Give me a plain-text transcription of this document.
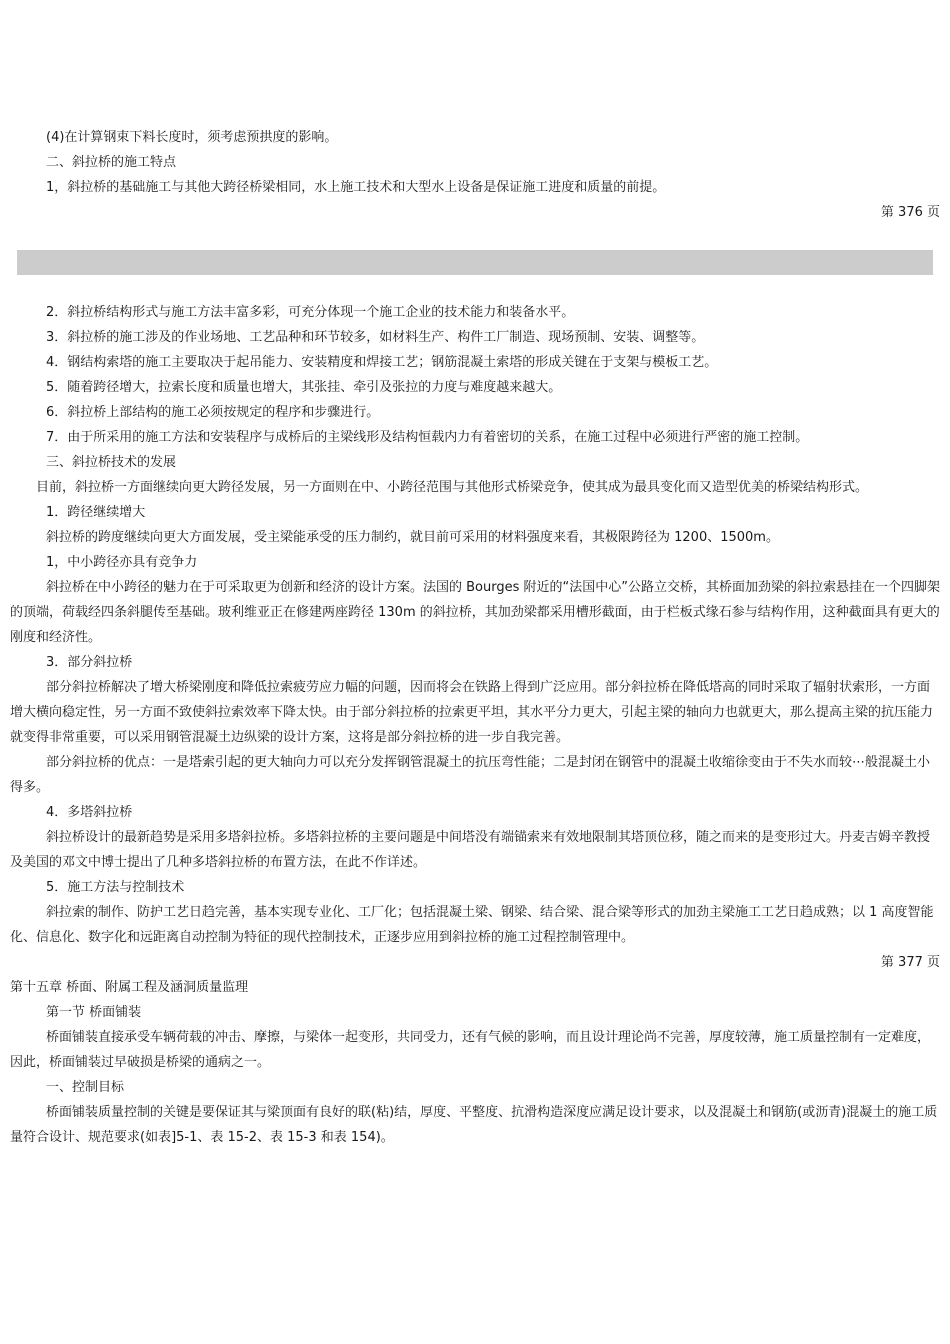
(4)在计算钢束下料长度时，须考虑预拱度的影响。

二、斜拉桥的施工特点

1，斜拉桥的基础施工与其他大跨径桥梁相同，水上施工技术和大型水上设备是保证施工进度和质量的前提。

第 376 页

2．斜拉桥结构形式与施工方法丰富多彩，可充分体现一个施工企业的技术能力和装备水平。

3．斜拉桥的施工涉及的作业场地、工艺品种和环节较多，如材料生产、构件工厂制造、现场预制、安装、调整等。

4．钢结构索塔的施工主要取决于起吊能力、安装精度和焊接工艺；钢筋混凝土索塔的形成关键在于支架与模板工艺。

5．随着跨径增大，拉索长度和质量也增大，其张挂、牵引及张拉的力度与难度越来越大。

6．斜拉桥上部结构的施工必须按规定的程序和步骤进行。

7．由于所采用的施工方法和安装程序与成桥后的主梁线形及结构恒载内力有着密切的关系，在施工过程中必须进行严密的施工控制。

三、斜拉桥技术的发展

目前，斜拉桥一方面继续向更大跨径发展，另一方面则在中、小跨径范围与其他形式桥梁竞争，使其成为最具变化而又造型优美的桥梁结构形式。

1．跨径继续增大

斜拉桥的跨度继续向更大方面发展，受主梁能承受的压力制约，就目前可采用的材料强度来看，其极限跨径为 1200、1500m。

1，中小跨径亦具有竞争力

斜拉桥在中小跨径的魅力在于可采取更为创新和经济的设计方案。法国的 Bourges 附近的“法国中心”公路立交桥，其桥面加劲梁的斜拉索悬挂在一个四脚架的顶端，荷载经四条斜腿传至基础。玻利维亚正在修建两座跨径 130m 的斜拉桥，其加劲梁都采用槽形截面，由于栏板式缘石参与结构作用，这种截面具有更大的刚度和经济性。

3．部分斜拉桥

部分斜拉桥解决了增大桥梁刚度和降低拉索疲劳应力幅的问题，因而将会在铁路上得到广泛应用。部分斜拉桥在降低塔高的同时采取了辐射状索形，一方面增大横向稳定性，另一方面不致使斜拉索效率下降太快。由于部分斜拉桥的拉索更平坦，其水平分力更大，引起主梁的轴向力也就更大，那么提高主梁的抗压能力就变得非常重要，可以采用钢管混凝土边纵梁的设计方案，这将是部分斜拉桥的进一步自我完善。

部分斜拉桥的优点：一是塔索引起的更大轴向力可以充分发挥钢管混凝土的抗压弯性能；二是封闭在钢管中的混凝土收缩徐变由于不失水而较⋯般混凝土小得多。

4．多塔斜拉桥

斜拉桥设计的最新趋势是采用多塔斜拉桥。多塔斜拉桥的主要问题是中间塔没有端锚索来有效地限制其塔顶位移，随之而来的是变形过大。丹麦吉姆辛教授及美国的邓文中博士提出了几种多塔斜拉桥的布置方法，在此不作详述。

5．施工方法与控制技术

斜拉索的制作、防护工艺日趋完善，基本实现专业化、工厂化；包括混凝土梁、钢梁、结合梁、混合梁等形式的加劲主梁施工工艺日趋成熟；以 1 高度智能化、信息化、数字化和远距离自动控制为特征的现代控制技术，正逐步应用到斜拉桥的施工过程控制管理中。

第 377 页

第十五章 桥面、附属工程及涵洞质量监理

第一节 桥面铺装

桥面铺装直接承受车辆荷载的冲击、摩擦，与梁体一起变形，共同受力，还有气候的影响，而且设计理论尚不完善，厚度较薄，施工质量控制有一定难度，因此，桥面铺装过早破损是桥梁的通病之一。

一、控制目标

桥面铺装质量控制的关键是要保证其与梁顶面有良好的联(粘)结，厚度、平整度、抗滑构造深度应满足设计要求，以及混凝土和钢筋(或沥青)混凝土的施工质量符合设计、规范要求(如表]5-1、表 15-2、表 15-3 和表 154)。
